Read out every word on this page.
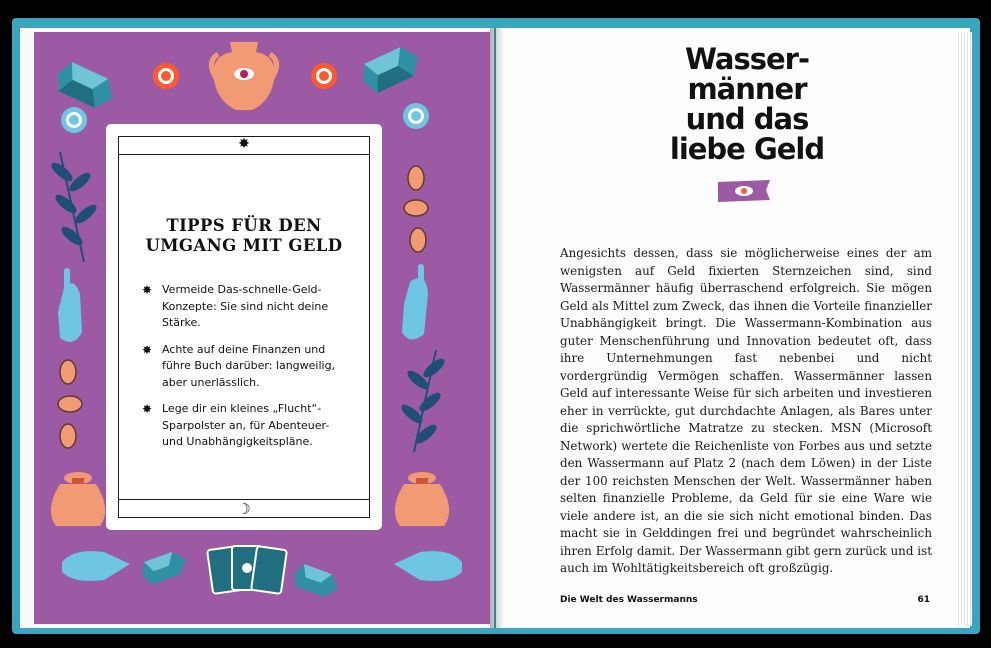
✸
TIPPS FÜR DEN
UMGANG MIT GELD
✸ Vermeide Das-schnelle-Geld-Konzepte: Sie sind nicht deine Stärke.
✸ Achte auf deine Finanzen und führe Buch darüber: langweilig, aber unerlässlich.
✸ Lege dir ein kleines „Flucht“-Sparpolster an, für Abenteuer- und Unabhängigkeitspläne.
☽
Wasser-
männer
und das
liebe Geld
Angesichts dessen, dass sie möglicherweise eines der am wenigsten auf Geld fixierten Sternzeichen sind, sind Wassermänner häufig überraschend erfolgreich. Sie mögen Geld als Mittel zum Zweck, das ihnen die Vorteile finanzieller Unabhängigkeit bringt. Die Wassermann-Kombination aus guter Menschenführung und Innovation bedeutet oft, dass ihre Unternehmungen fast nebenbei und nicht vordergründig Vermögen schaffen. Wassermänner lassen Geld auf interessante Weise für sich arbeiten und investieren eher in verrückte, gut durchdachte Anlagen, als Bares unter die sprichwörtliche Matratze zu stecken. MSN (Microsoft Network) wertete die Reichenliste von Forbes aus und setzte den Wassermann auf Platz 2 (nach dem Löwen) in der Liste der 100 reichsten Menschen der Welt. Wassermänner haben selten finanzielle Probleme, da Geld für sie eine Ware wie viele andere ist, an die sie sich nicht emotional binden. Das macht sie in Gelddingen frei und begründet wahrscheinlich ihren Erfolg damit. Der Wassermann gibt gern zurück und ist auch im Wohltätigkeitsbereich oft großzügig.
Die Welt des Wassermanns	61
